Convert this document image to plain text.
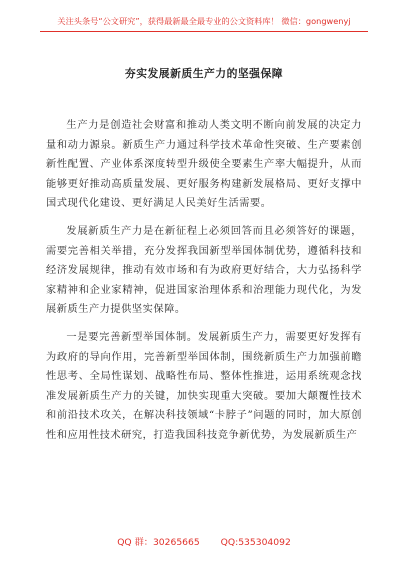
关注头条号“公文研究”，获得最新最全最专业的公文资料库！ 微信：gongwenyj
夯实发展新质生产力的坚强保障

生产力是创造社会财富和推动人类文明不断向前发展的决定力量和动力源泉。新质生产力通过科学技术革命性突破、生产要素创新性配置、产业体系深度转型升级使全要素生产率大幅提升，从而能够更好推动高质量发展、更好服务构建新发展格局、更好支撑中国式现代化建设、更好满足人民美好生活需要。

发展新质生产力是在新征程上必须回答而且必须答好的课题，需要完善相关举措，充分发挥我国新型举国体制优势，遵循科技和经济发展规律，推动有效市场和有为政府更好结合，大力弘扬科学家精神和企业家精神，促进国家治理体系和治理能力现代化，为发展新质生产力提供坚实保障。

一是要完善新型举国体制。发展新质生产力，需要更好发挥有为政府的导向作用，完善新型举国体制，围绕新质生产力加强前瞻性思考、全局性谋划、战略性布局、整体性推进，运用系统观念找准发展新质生产力的关键，加快实现重大突破。要加大颠覆性技术和前沿技术攻关，在解决科技领域“卡脖子”问题的同时，加大原创性和应用性技术研究，打造我国科技竞争新优势，为发展新质生产

QQ 群：30265665 QQ:535304092
